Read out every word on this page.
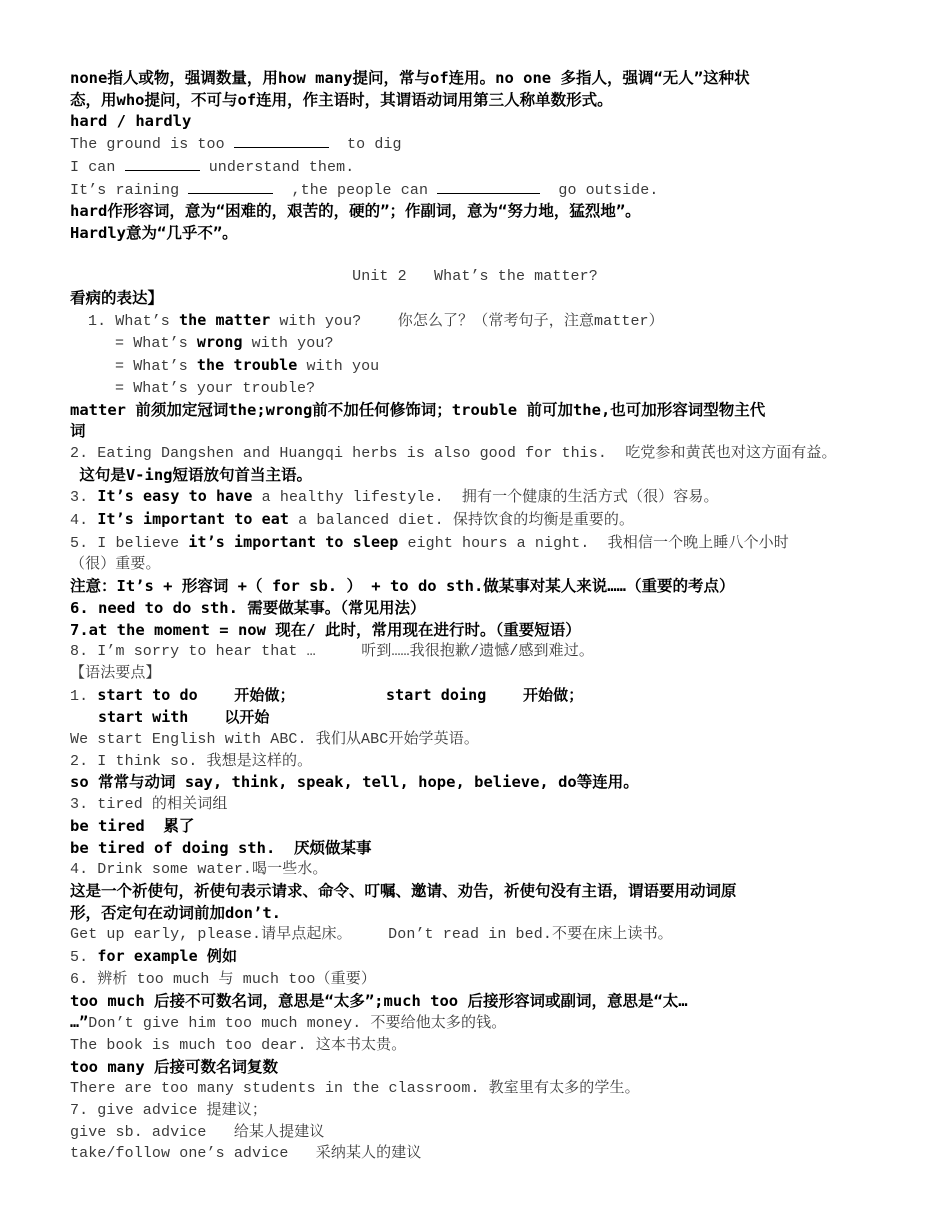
none指人或物，强调数量，用how many提问，常与of连用。no one 多指人，强调“无人”这种状
态，用who提问，不可与of连用，作主语时，其谓语动词用第三人称单数形式。
hard / hardly
The ground is too	to dig
I can	understand them.
It’s raining	,the people can	go outside.
hard作形容词，意为“困难的，艰苦的，硬的”；作副词，意为“努力地，猛烈地”。
Hardly意为“几乎不”。
Unit 2   What’s the matter?
看病的表达】
1. What’s the matter with you?    你怎么了？（常考句子，注意matter）
= What’s wrong with you?
= What’s the trouble with you
= What’s your trouble?
matter 前须加定冠词the;wrong前不加任何修饰词；trouble 前可加the,也可加形容词型物主代
词
2. Eating Dangshen and Huangqi herbs is also good for this.  吃党参和黄芪也对这方面有益。
这句是V-ing短语放句首当主语。
3. It’s easy to have a healthy lifestyle.  拥有一个健康的生活方式（很）容易。
4. It’s important to eat a balanced diet. 保持饮食的均衡是重要的。
5. I believe it’s important to sleep eight hours a night.  我相信一个晚上睡八个小时
（很）重要。
注意：It’s + 形容词 +（ for sb. ） + to do sth.做某事对某人来说……（重要的考点）
6. need to do sth. 需要做某事。（常见用法）
7.at the moment = now 现在/ 此时，常用现在进行时。（重要短语）
8. I’m sorry to hear that …     听到……我很抱歉/遗憾/感到难过。
【语法要点】
1. start to do    开始做；          start doing    开始做；
start with    以开始
We start English with ABC. 我们从ABC开始学英语。
2. I think so. 我想是这样的。
so 常常与动词 say, think, speak, tell, hope, believe, do等连用。
3. tired 的相关词组
be tired  累了
be tired of doing sth.  厌烦做某事
4. Drink some water.喝一些水。
这是一个祈使句，祈使句表示请求、命令、叮嘱、邀请、劝告，祈使句没有主语，谓语要用动词原
形，否定句在动词前加don’t.
Get up early, please.请早点起床。    Don’t read in bed.不要在床上读书。
5. for example 例如
6. 辨析 too much 与 much too（重要）
too much 后接不可数名词，意思是“太多”;much too 后接形容词或副词，意思是“太…
…”Don’t give him too much money. 不要给他太多的钱。
The book is much too dear. 这本书太贵。
too many 后接可数名词复数
There are too many students in the classroom. 教室里有太多的学生。
7. give advice 提建议；
give sb. advice   给某人提建议
take/follow one’s advice   采纳某人的建议
